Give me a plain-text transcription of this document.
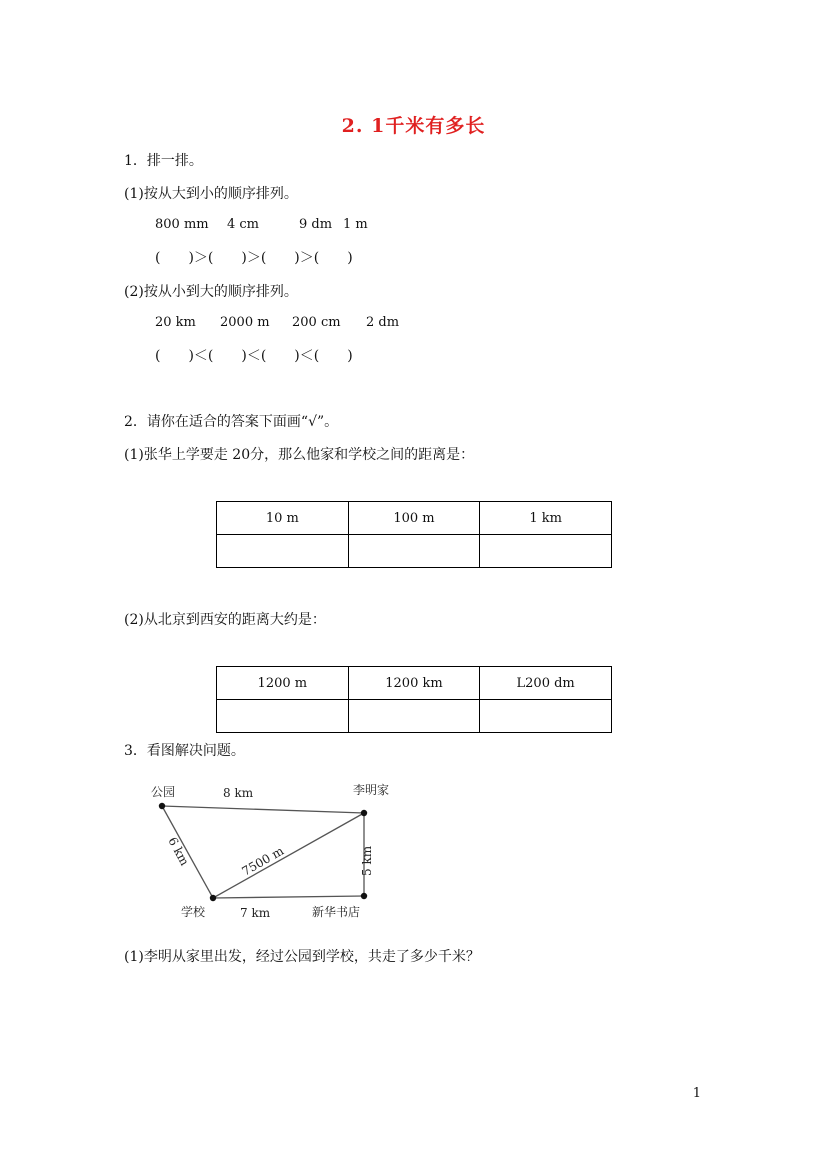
2. 1千米有多长
1．排一排。
(1)按从大到小的顺序排列。
800 mm 4 cm	9 dm 1 m
(　　)＞(　　)＞(　　)＞(　　)
(2)按从小到大的顺序排列。
20 km 2000 m 200 cm 2 dm
(　　)＜(　　)＜(　　)＜(　　)
2．请你在适合的答案下面画“√”。
(1)张华上学要走 20分，那么他家和学校之间的距离是：
10 m	100 m	1 km

(2)从北京到西安的距离大约是：
1200 m	1200 km	L200 dm

3．看图解决问题。
公园	李明家
学校	新华书店
8 km
7 km
6 km	7500 m	5 km
(1)李明从家里出发，经过公园到学校，共走了多少千米？
1
